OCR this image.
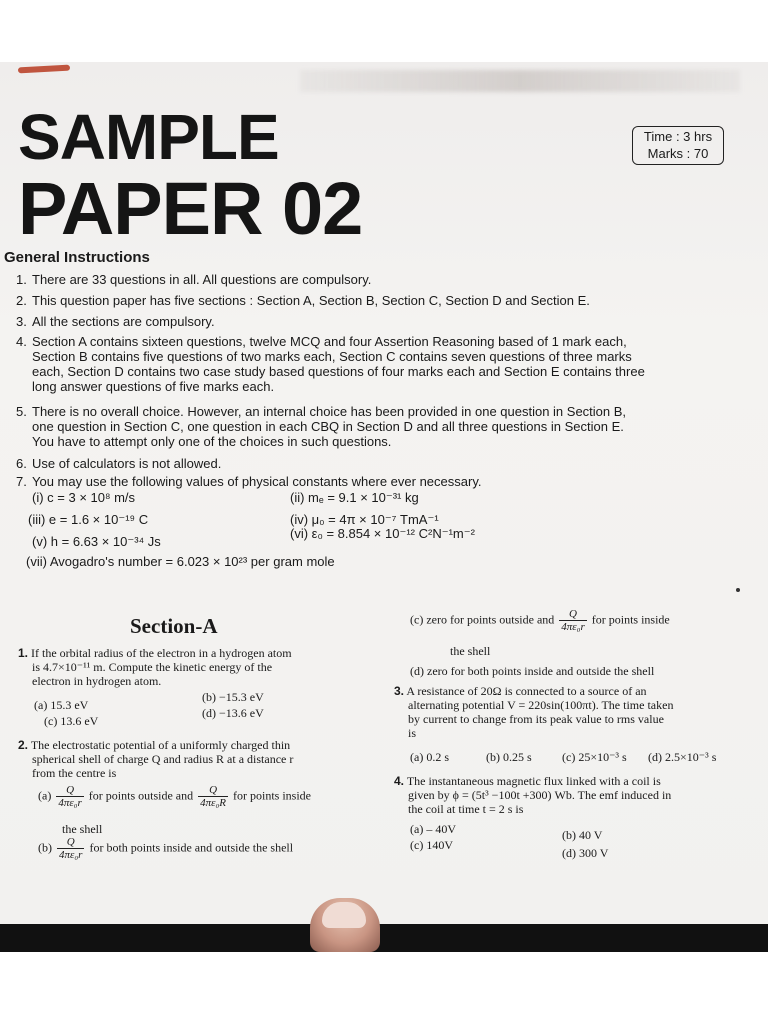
SAMPLE
PAPER 02
Time : 3 hrs
Marks : 70
General Instructions
1. There are 33 questions in all. All questions are compulsory.
2. This question paper has five sections : Section A, Section B, Section C, Section D and Section E.
3. All the sections are compulsory.
4. Section A contains sixteen questions, twelve MCQ and four Assertion Reasoning based of 1 mark each,
Section B contains five questions of two marks each, Section C contains seven questions of three marks
each, Section D contains two case study based questions of four marks each and Section E contains three
long answer questions of five marks each.
5. There is no overall choice. However, an internal choice has been provided in one question in Section B,
one question in Section C, one question in each CBQ in Section D and all three questions in Section E.
You have to attempt only one of the choices in such questions.
6. Use of calculators is not allowed.
7. You may use the following values of physical constants where ever necessary.
(i) c = 3 × 10⁸ m/s	(ii) mₑ = 9.1 × 10⁻³¹ kg
(iii) e = 1.6 × 10⁻¹⁹ C	(iv) μ₀ = 4π × 10⁻⁷ TmA⁻¹
(v) h = 6.63 × 10⁻³⁴ Js
(vi) ε₀ = 8.854 × 10⁻¹² C²N⁻¹m⁻²
(vii) Avogadro's number = 6.023 × 10²³ per gram mole
Section-A
1. If the orbital radius of the electron in a hydrogen atom
is 4.7×10⁻¹¹ m. Compute the kinetic energy of the
electron in hydrogen atom.
(a) 15.3 eV
(b) −15.3 eV
(c) 13.6 eV
(d) −13.6 eV
2. The electrostatic potential of a uniformly charged thin
spherical shell of charge Q and radius R at a distance r
from the centre is
$(a) \frac{Q}{\text{4πε₀r}}$ for points outside and $\frac{Q}{\text{4πε₀R}}$ for points inside
the shell
$(b) \frac{Q}{\text{4πε₀r}}$ for both points inside and outside the shell
(c) zero for points outside and $\frac{Q}{\text{4πε₀r}}$ for points inside
the shell
(d) zero for both points inside and outside the shell
3. A resistance of 20Ω is connected to a source of an
alternating potential V = 220sin(100πt). The time taken
by current to change from its peak value to rms value
is
(a) 0.2 s	(b) 0.25 s	(c) 25×10⁻³ s (d) 2.5×10⁻³ s
4. The instantaneous magnetic flux linked with a coil is
given by ϕ = (5t³ −100t +300) Wb. The emf induced in
the coil at time t = 2 s is
(a) – 40V	(b) 40 V
(c) 140V
(d) 300 V
